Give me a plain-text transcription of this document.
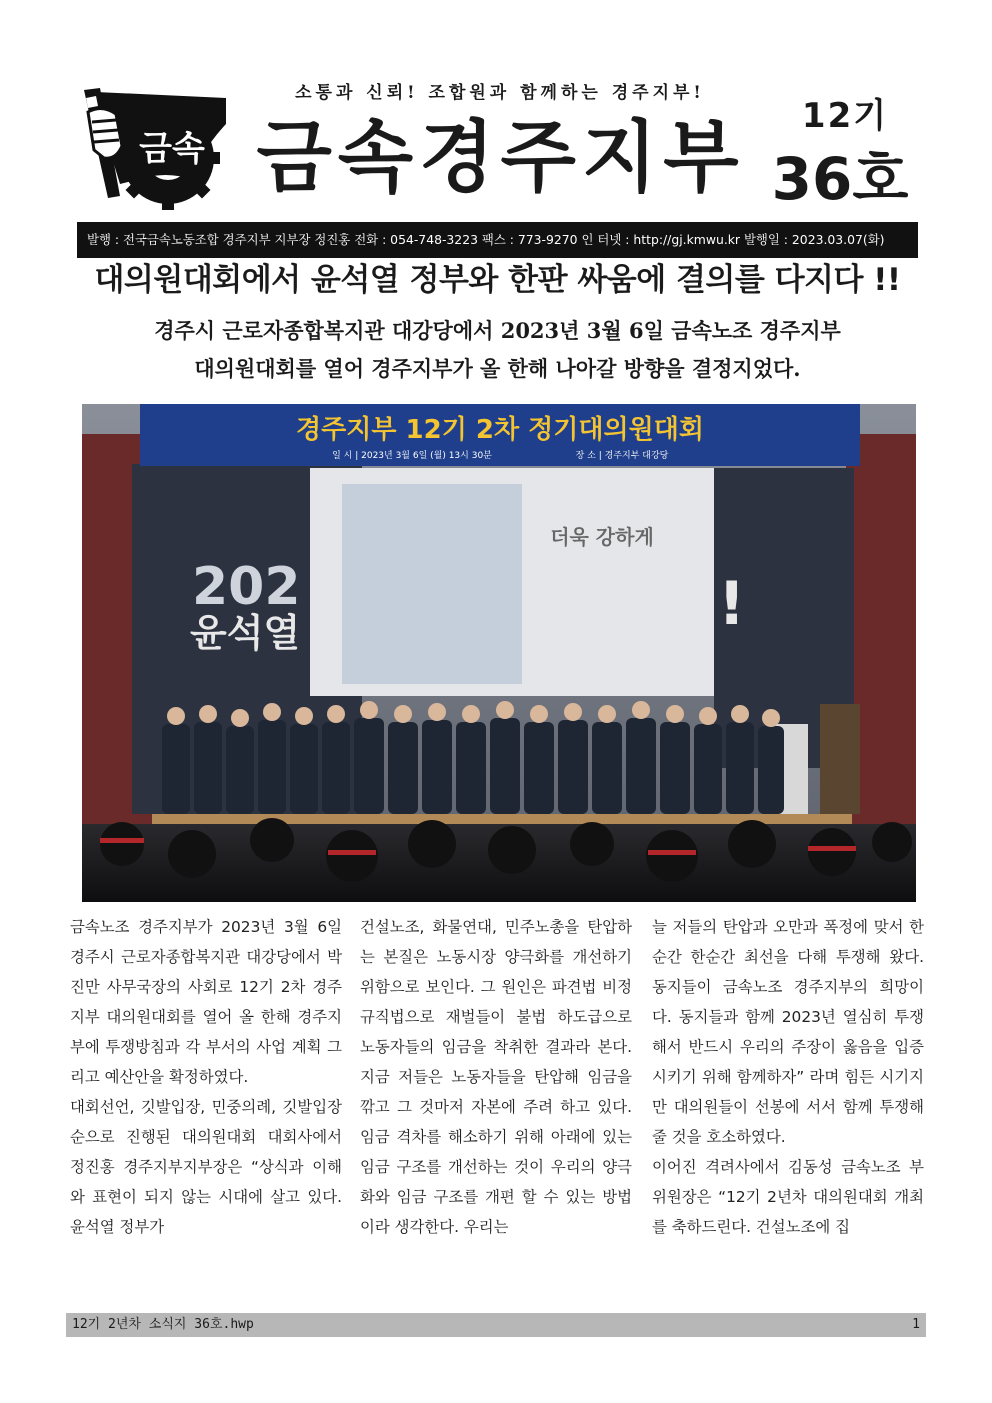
금속
소통과 신뢰! 조합원과 함께하는 경주지부!
금속경주지부	12기
36호
발행 : 전국금속노동조합 경주지부 지부장 정진홍 전화 : 054-748-3223 팩스 : 773-9270 인 터넷 : http://gj.kmwu.kr 발행일 : 2023.03.07(화)
대의원대회에서 윤석열 정부와 한판 싸움에 결의를 다지다 !!
경주시 근로자종합복지관 대강당에서 2023년 3월 6일 금속노조 경주지부
대의원대회를 열어 경주지부가 올 한해 나아갈 방향을 결정지었다.
202
윤석열
경주지부 12기 2차 정기대의원대회
일 시 | 2023년 3월 6일 (월) 13시 30분	장 소 | 경주지부 대강당
더욱 강하게
!

금속노조 경주지부가 2023년 3월 6일 경주시 근로자종합복지관 대강당에서 박진만 사무국장의 사회로 12기 2차 경주지부 대의원대회를 열어 올 한해 경주지부에 투쟁방침과 각 부서의 사업 계획 그리고 예산안을 확정하였다.

대회선언, 깃발입장, 민중의례, 깃발입장순으로 진행된 대의원대회 대회사에서 정진홍 경주지부지부장은 “상식과 이해와 표현이 되지 않는 시대에 살고 있다. 윤석열 정부가

건설노조, 화물연대, 민주노총을 탄압하는 본질은 노동시장 양극화를 개선하기 위함으로 보인다. 그 원인은 파견법 비정규직법으로 재벌들이 불법 하도급으로 노동자들의 임금을 착취한 결과라 본다. 지금 저들은 노동자들을 탄압해 임금을 깎고 그 것마저 자본에 주려 하고 있다. 임금 격차를 해소하기 위해 아래에 있는 임금 구조를 개선하는 것이 우리의 양극화와 임금 구조를 개편 할 수 있는 방법이라 생각한다. 우리는

늘 저들의 탄압과 오만과 폭정에 맞서 한순간 한순간 최선을 다해 투쟁해 왔다. 동지들이 금속노조 경주지부의 희망이다. 동지들과 함께 2023년 열심히 투쟁해서 반드시 우리의 주장이 옳음을 입증시키기 위해 함께하자” 라며 힘든 시기지만 대의원들이 선봉에 서서 함께 투쟁해 줄 것을 호소하였다.

이어진 격려사에서 김동성 금속노조 부위원장은 “12기 2년차 대의원대회 개최를 축하드린다. 건설노조에 집

12기 2년차 소식지 36호.hwp	1
